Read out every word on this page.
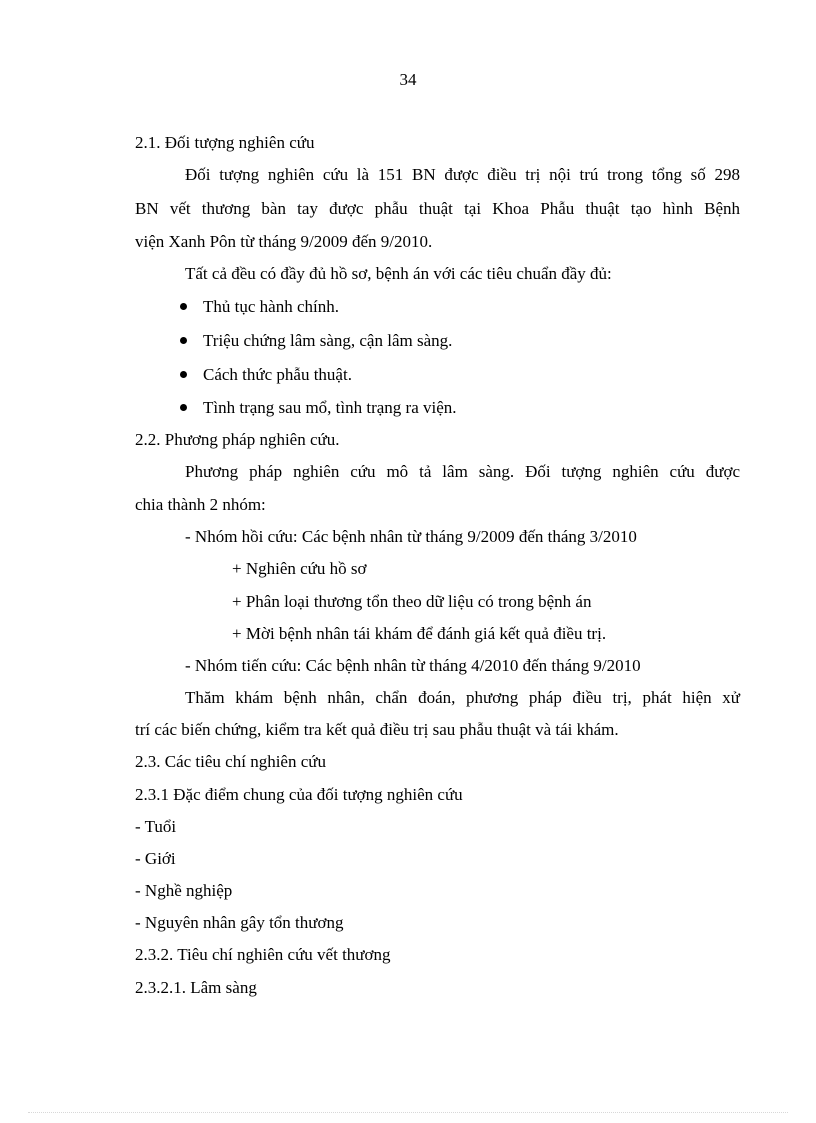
34
2.1. Đối tượng nghiên cứu
Đối tượng nghiên cứu là 151 BN được điều trị nội trú trong tổng số 298
BN vết thương bàn tay được phẫu thuật tại Khoa Phẫu thuật tạo hình Bệnh
viện Xanh Pôn từ tháng 9/2009 đến 9/2010.
Tất cả đều có đầy đủ hồ sơ, bệnh án với các tiêu chuẩn đầy đủ:
Thủ tục hành chính.
Triệu chứng lâm sàng, cận lâm sàng.
Cách thức phẫu thuật.
Tình trạng sau mổ, tình trạng ra viện.
2.2. Phương pháp nghiên cứu.
Phương pháp nghiên cứu mô tả lâm sàng. Đối tượng nghiên cứu được
chia thành 2 nhóm:
- Nhóm hồi cứu: Các bệnh nhân từ tháng 9/2009 đến tháng 3/2010
+ Nghiên cứu hồ sơ
+ Phân loại thương tổn theo dữ liệu có trong bệnh án
+ Mời bệnh nhân tái khám để đánh giá kết quả điều trị.
- Nhóm tiến cứu: Các bệnh nhân từ tháng 4/2010 đến tháng 9/2010
Thăm khám bệnh nhân, chẩn đoán, phương pháp điều trị, phát hiện xử
trí các biến chứng, kiểm tra kết quả điều trị sau phẫu thuật và tái khám.
2.3. Các tiêu chí nghiên cứu
2.3.1 Đặc điểm chung của đối tượng nghiên cứu
- Tuổi
- Giới
- Nghề nghiệp
- Nguyên nhân gây tổn thương
2.3.2. Tiêu chí nghiên cứu vết thương
2.3.2.1. Lâm sàng
